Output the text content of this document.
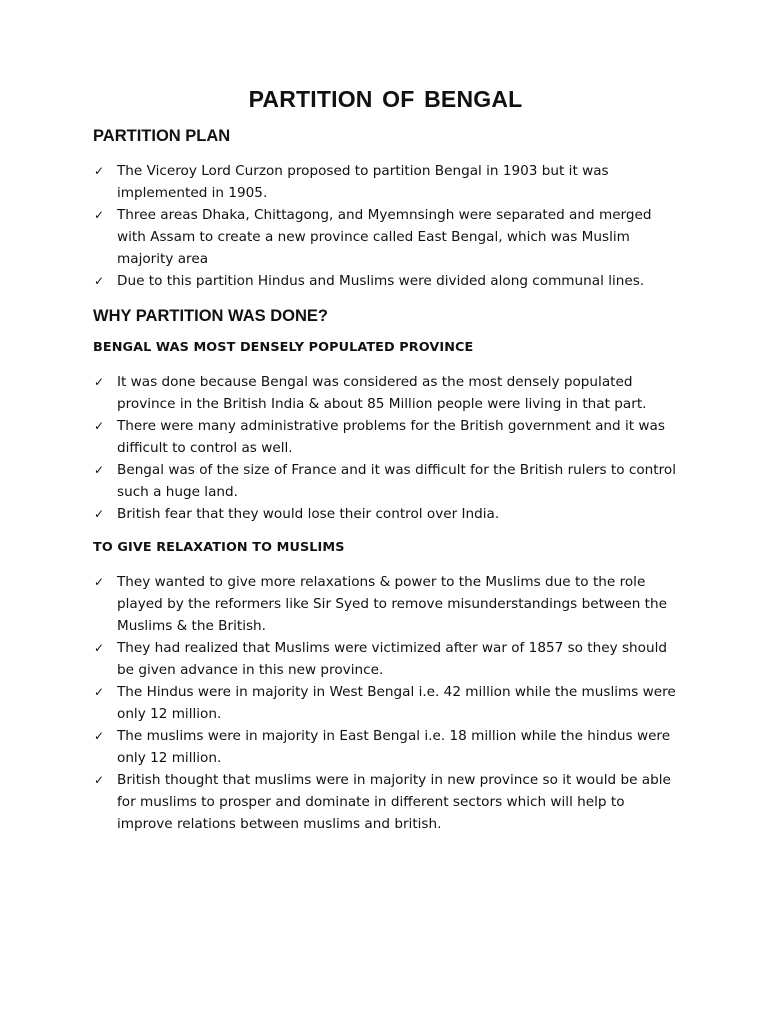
PARTITION OF BENGAL
PARTITION PLAN
✓ The Viceroy Lord Curzon proposed to partition Bengal in 1903 but it was implemented in 1905.
✓ Three areas Dhaka, Chittagong, and Myemnsingh were separated and merged with Assam to create a new province called East Bengal, which was Muslim majority area
✓ Due to this partition Hindus and Muslims were divided along communal lines.
WHY PARTITION WAS DONE?
BENGAL WAS MOST DENSELY POPULATED PROVINCE
✓ It was done because Bengal was considered as the most densely populated province in the British India & about 85 Million people were living in that part.
✓ There were many administrative problems for the British government and it was difficult to control as well.
✓ Bengal was of the size of France and it was difficult for the British rulers to control such a huge land.
✓ British fear that they would lose their control over India.
TO GIVE RELAXATION TO MUSLIMS
✓ They wanted to give more relaxations & power to the Muslims due to the role played by the reformers like Sir Syed to remove misunderstandings between the Muslims & the British.
✓ They had realized that Muslims were victimized after war of 1857 so they should be given advance in this new province.
✓ The Hindus were in majority in West Bengal i.e. 42 million while the muslims were only 12 million.
✓ The muslims were in majority in East Bengal i.e. 18 million while the hindus were only 12 million.
✓ British thought that muslims were in majority in new province so it would be able for muslims to prosper and dominate in different sectors which will help to improve relations between muslims and british.
